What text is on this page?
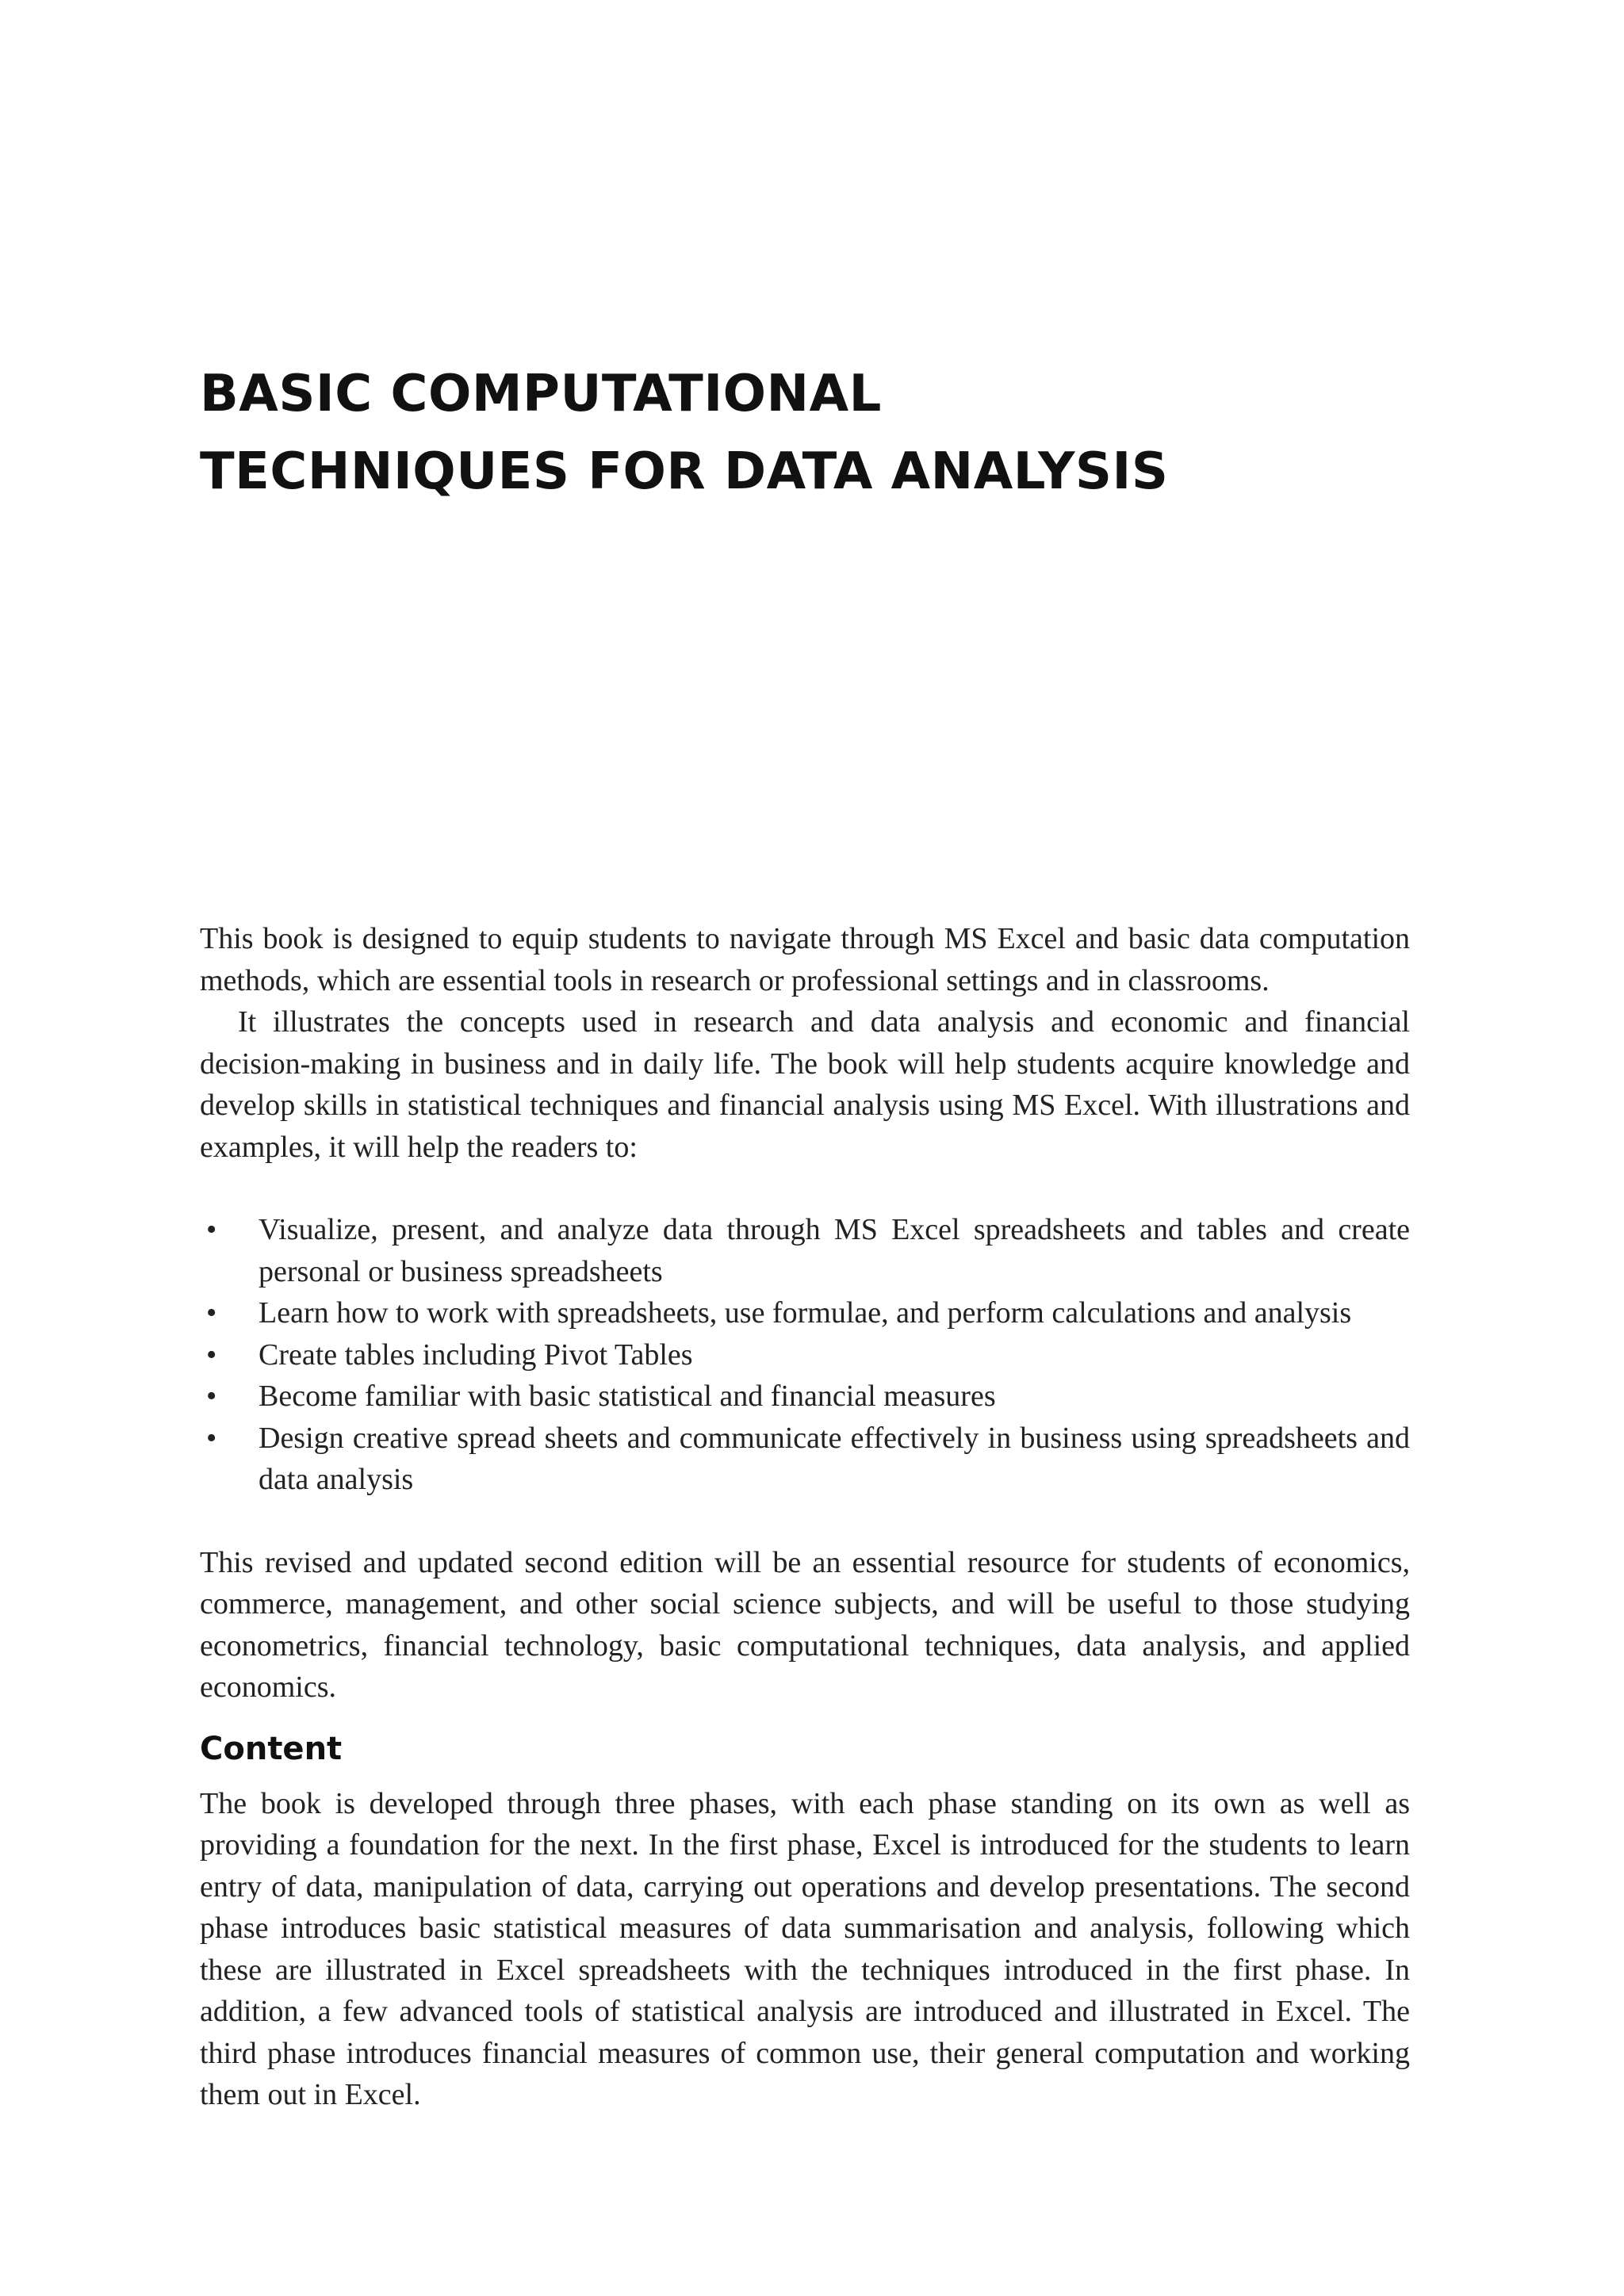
BASIC COMPUTATIONAL
TECHNIQUES FOR DATA ANALYSIS

This book is designed to equip students to navigate through MS Excel and basic data computation methods, which are essential tools in research or professional settings and in classrooms.

It illustrates the concepts used in research and data analysis and economic and financial decision-making in business and in daily life. The book will help students acquire knowledge and develop skills in statistical techniques and financial analysis using MS Excel. With illustrations and examples, it will help the readers to:

• Visualize, present, and analyze data through MS Excel spreadsheets and tables and create personal or business spreadsheets
• Learn how to work with spreadsheets, use formulae, and perform calculations and analysis
• Create tables including Pivot Tables
• Become familiar with basic statistical and financial measures
• Design creative spread sheets and communicate effectively in business using spreadsheets and data analysis

This revised and updated second edition will be an essential resource for students of economics, commerce, management, and other social science subjects, and will be useful to those studying econometrics, financial technology, basic computational techniques, data analysis, and applied economics.

Content

The book is developed through three phases, with each phase standing on its own as well as providing a foundation for the next. In the first phase, Excel is introduced for the students to learn entry of data, manipulation of data, carrying out operations and develop presentations. The second phase introduces basic statistical measures of data summarisation and analysis, following which these are illustrated in Excel spreadsheets with the techniques introduced in the first phase. In addition, a few advanced tools of statistical analysis are introduced and illustrated in Excel. The third phase introduces financial measures of common use, their general computation and working them out in Excel.
